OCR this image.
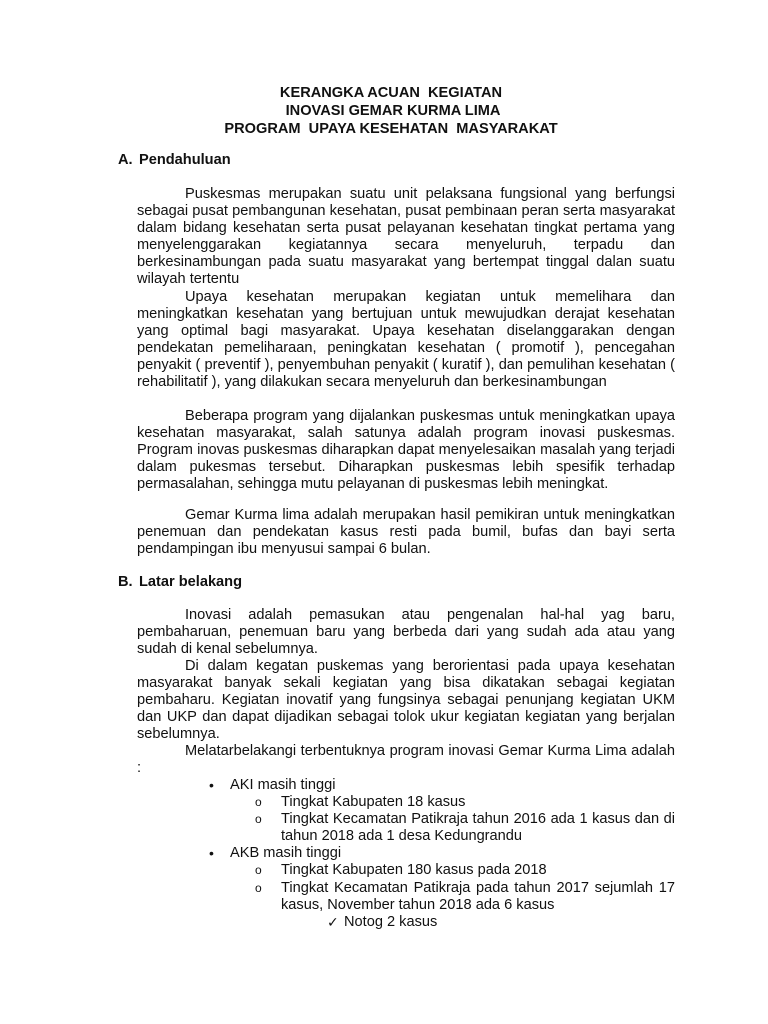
KERANGKA ACUAN  KEGIATAN
INOVASI GEMAR KURMA LIMA
PROGRAM  UPAYA KESEHATAN  MASYARAKAT
A. Pendahuluan
Puskesmas merupakan suatu unit pelaksana fungsional yang berfungsi sebagai pusat pembangunan kesehatan, pusat pembinaan peran serta masyarakat dalam bidang kesehatan serta pusat pelayanan kesehatan tingkat pertama yang menyelenggarakan kegiatannya secara menyeluruh, terpadu dan berkesinambungan pada suatu masyarakat yang bertempat tinggal dalan suatu wilayah tertentu
Upaya kesehatan merupakan kegiatan untuk memelihara dan meningkatkan kesehatan yang bertujuan untuk mewujudkan derajat kesehatan yang optimal bagi masyarakat. Upaya kesehatan diselanggarakan dengan pendekatan pemeliharaan, peningkatan kesehatan ( promotif ), pencegahan penyakit ( preventif ), penyembuhan penyakit ( kuratif ), dan pemulihan kesehatan ( rehabilitatif ), yang dilakukan secara menyeluruh dan berkesinambungan
Beberapa program yang dijalankan puskesmas untuk meningkatkan upaya kesehatan masyarakat, salah satunya adalah program inovasi puskesmas. Program inovas puskesmas diharapkan dapat menyelesaikan masalah yang terjadi dalam pukesmas tersebut. Diharapkan puskesmas lebih spesifik terhadap permasalahan, sehingga mutu pelayanan di puskesmas lebih meningkat.
Gemar Kurma lima adalah merupakan hasil pemikiran untuk meningkatkan penemuan dan pendekatan kasus resti pada bumil, bufas dan bayi serta pendampingan ibu menyusui sampai 6 bulan.
B. Latar belakang
Inovasi adalah pemasukan atau pengenalan hal-hal yag baru, pembaharuan, penemuan baru yang berbeda dari yang sudah ada atau yang sudah di kenal sebelumnya.
Di dalam kegatan puskemas yang berorientasi pada upaya kesehatan masyarakat banyak sekali kegiatan yang bisa dikatakan sebagai kegiatan pembaharu. Kegiatan inovatif yang fungsinya sebagai penunjang kegiatan UKM dan UKP dan dapat dijadikan sebagai tolok ukur kegiatan kegiatan yang berjalan sebelumnya.
Melatarbelakangi terbentuknya program inovasi Gemar Kurma Lima adalah :
• AKI masih tinggi
o Tingkat Kabupaten 18 kasus
o Tingkat Kecamatan Patikraja tahun 2016 ada 1 kasus dan di tahun 2018 ada 1 desa Kedungrandu
• AKB masih tinggi
o Tingkat Kabupaten 180 kasus pada 2018
o Tingkat Kecamatan Patikraja pada tahun 2017 sejumlah 17 kasus, November tahun 2018 ada 6 kasus
✓ Notog 2 kasus
